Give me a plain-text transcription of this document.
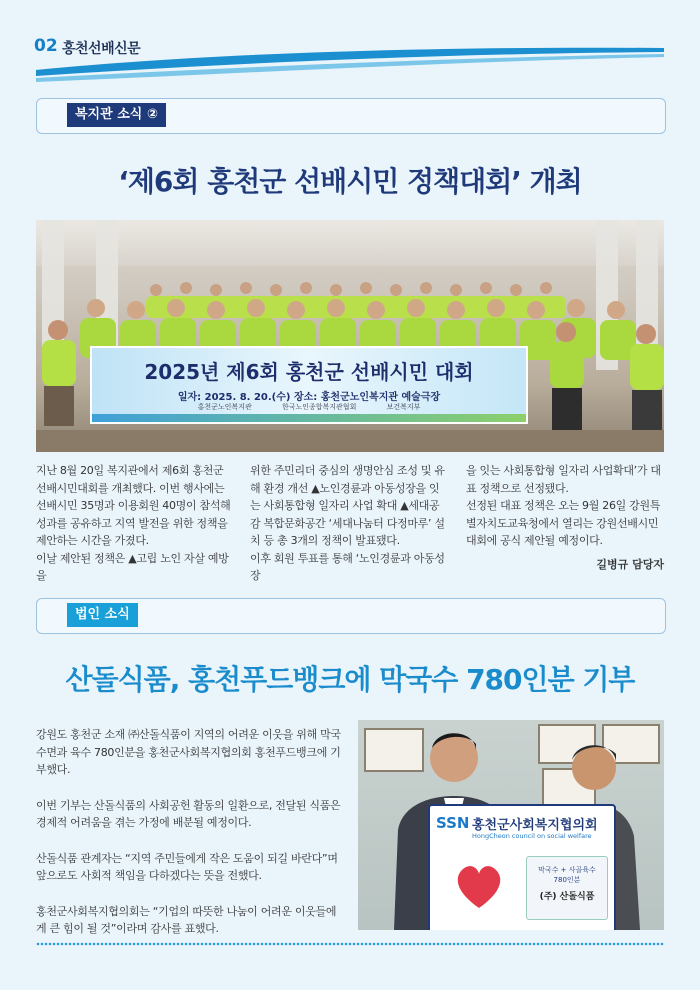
02 홍천선배신문
복지관 소식 ②
‘제6회 홍천군 선배시민 정책대회’ 개최
2025년 제6회 홍천군 선배시민 대회
일자: 2025. 8. 20.(수) 장소: 홍천군노인복지관 예술극장
홍천군노인복지관	한국노인종합복지관협회	보건복지부

지난 8월 20일 복지관에서 제6회 홍천군 선배시민대회를 개최했다. 이번 행사에는 선배시민 35명과 이용회원 40명이 참석해 성과를 공유하고 지역 발전을 위한 정책을 제안하는 시간을 가졌다.

이날 제안된 정책은 ▲고립 노인 자살 예방을

위한 주민리더 중심의 생명안심 조성 및 유해 환경 개선 ▲노인경륜과 아동성장을 잇는 사회통합형 일자리 사업 확대 ▲세대공감 복합문화공간 ‘세대나눔터 다정마루’ 설치 등 총 3개의 정책이 발표됐다.

이후 회원 투표를 통해 ‘노인경륜과 아동성장

을 잇는 사회통합형 일자리 사업확대’가 대표 정책으로 선정됐다.

선정된 대표 정책은 오는 9월 26일 강원특별자치도교육청에서 열리는 강원선배시민대회에 공식 제안될 예정이다.

길병규 담당자
법인 소식
산돌식품, 홍천푸드뱅크에 막국수 780인분 기부

강원도 홍천군 소재 ㈜산돌식품이 지역의 어려운 이웃을 위해 막국수면과 육수 780인분을 홍천군사회복지협의회 홍천푸드뱅크에 기부했다.

이번 기부는 산돌식품의 사회공헌 활동의 일환으로, 전달된 식품은 경제적 어려움을 겪는 가정에 배분될 예정이다.

산돌식품 관계자는 “지역 주민들에게 작은 도움이 되길 바란다”며 앞으로도 사회적 책임을 다하겠다는 뜻을 전했다.

홍천군사회복지협의회는 “기업의 따뜻한 나눔이 어려운 이웃들에게 큰 힘이 될 것”이라며 감사를 표했다.

SSN 홍천군사회복지협의회
HongCheon council on social welfare
막국수 + 사골육수
780인분
(주) 산돌식품
